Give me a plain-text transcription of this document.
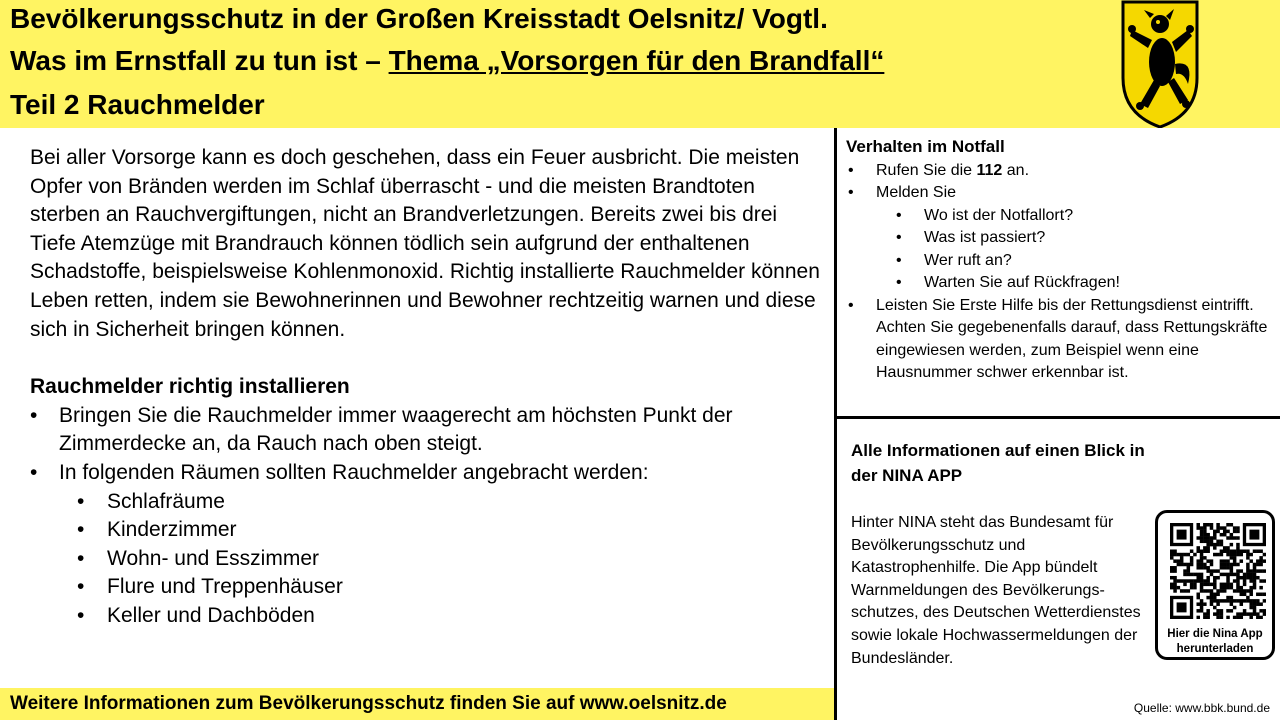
Bevölkerungsschutz in der Großen Kreisstadt Oelsnitz/ Vogtl.
Was im Ernstfall zu tun ist – Thema „Vorsorgen für den Brandfall“
Teil 2 Rauchmelder

Bei aller Vorsorge kann es doch geschehen, dass ein Feuer ausbricht. Die meisten Opfer von Bränden werden im Schlaf überrascht - und die meisten Brandtoten sterben an Rauchvergiftungen, nicht an Brandverletzungen. Bereits zwei bis drei Tiefe Atemzüge mit Brandrauch können tödlich sein aufgrund der enthaltenen Schadstoffe, beispielsweise Kohlenmonoxid. Richtig installierte Rauchmelder können Leben retten, indem sie Bewohnerinnen und Bewohner rechtzeitig warnen und diese sich in Sicherheit bringen können.

Rauchmelder richtig installieren

• Bringen Sie die Rauchmelder immer waagerecht am höchsten Punkt der Zimmerdecke an, da Rauch nach oben steigt.
• In folgenden Räumen sollten Rauchmelder angebracht werden:
• Schlafräume
• Kinderzimmer
• Wohn- und Esszimmer
• Flure und Treppenhäuser
• Keller und Dachböden
Weitere Informationen zum Bevölkerungsschutz finden Sie auf www.oelsnitz.de
Verhalten im Notfall
• Rufen Sie die 112 an.
• Melden Sie
• Wo ist der Notfallort?
• Was ist passiert?
• Wer ruft an?
• Warten Sie auf Rückfragen!
• Leisten Sie Erste Hilfe bis der Rettungsdienst eintrifft. Achten Sie gegebenenfalls darauf, dass Rettungskräfte eingewiesen werden, zum Beispiel wenn eine Hausnummer schwer erkennbar ist.
Alle Informationen auf einen Blick in der NINA APP
Hinter NINA steht das Bundesamt für Bevölkerungsschutz und Katastrophenhilfe. Die App bündelt Warnmeldungen des Bevölkerungs-schutzes, des Deutschen Wetterdienstes sowie lokale Hochwassermeldungen der Bundesländer.
Hier die Nina App herunterladen
Quelle: www.bbk.bund.de
